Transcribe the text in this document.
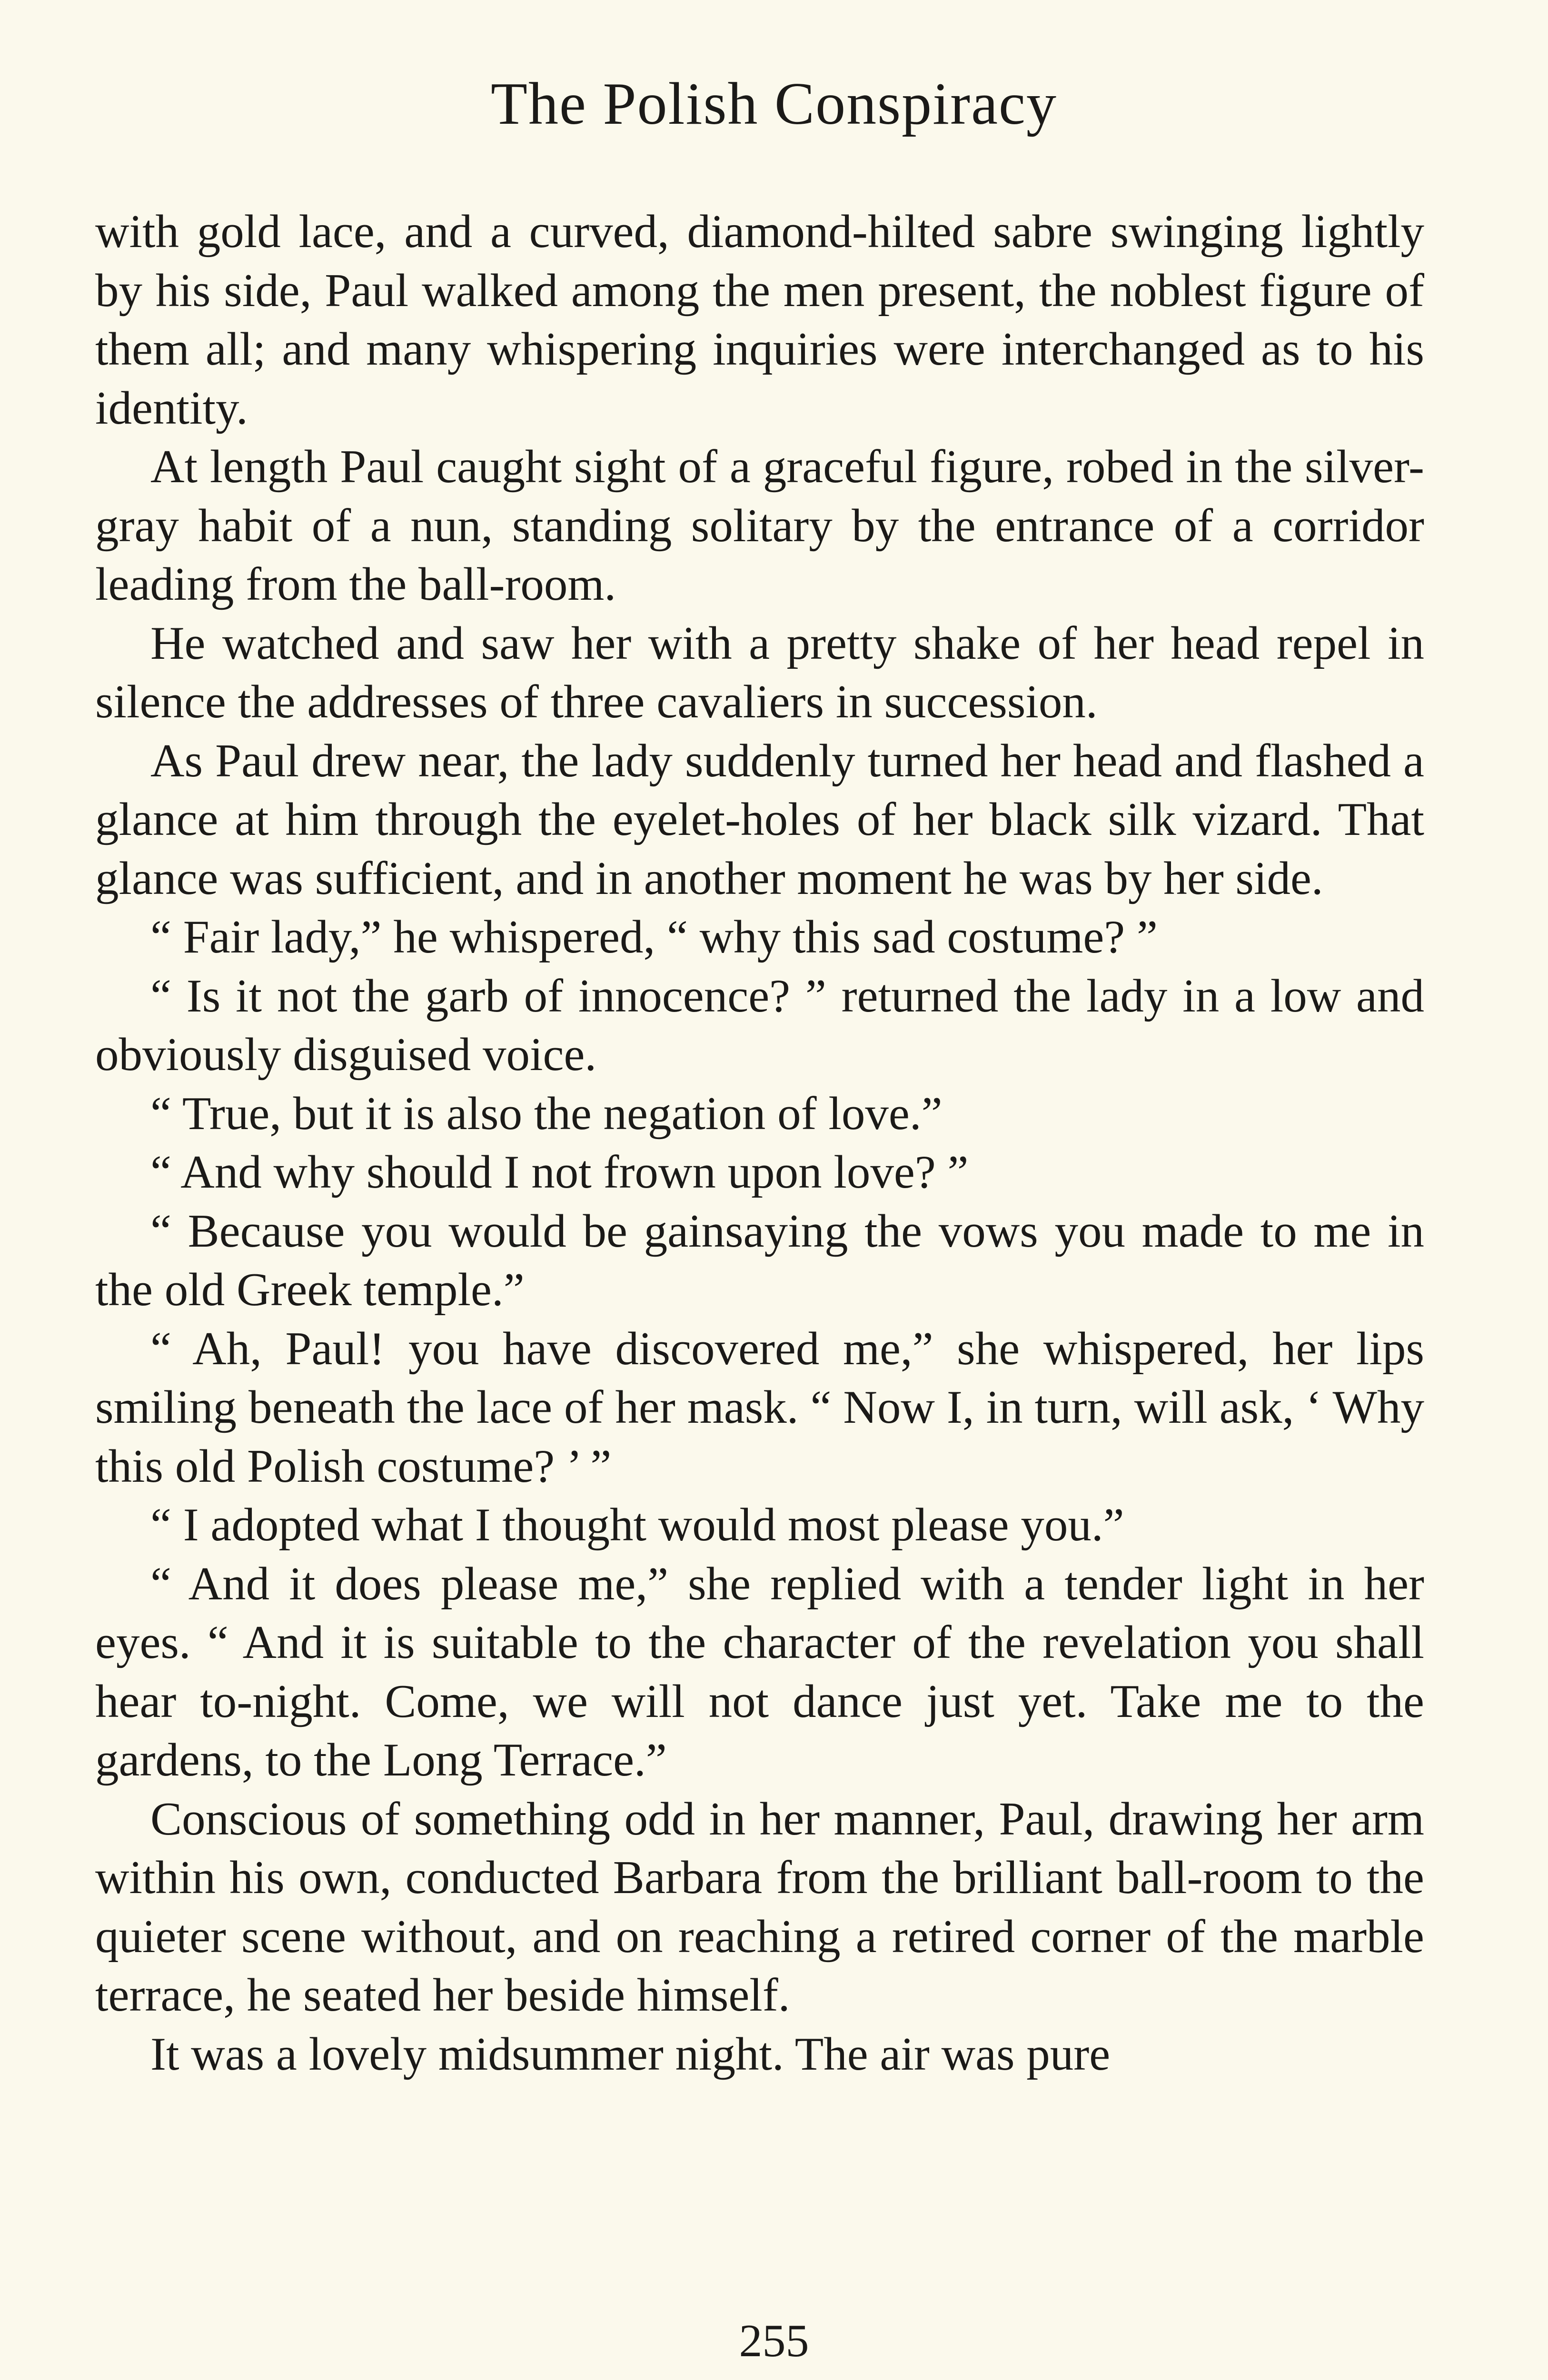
The Polish Conspiracy

with gold lace, and a curved, diamond-hilted sabre swinging lightly by his side, Paul walked among the men present, the noblest figure of them all; and many whispering inquiries were interchanged as to his identity.

At length Paul caught sight of a graceful figure, robed in the silver-gray habit of a nun, standing solitary by the entrance of a corridor leading from the ball-room.

He watched and saw her with a pretty shake of her head repel in silence the addresses of three cavaliers in succession.

As Paul drew near, the lady suddenly turned her head and flashed a glance at him through the eyelet-holes of her black silk vizard. That glance was sufficient, and in another moment he was by her side.

“ Fair lady,” he whispered, “ why this sad costume? ”

“ Is it not the garb of innocence? ” returned the lady in a low and obviously disguised voice.

“ True, but it is also the negation of love.”

“ And why should I not frown upon love? ”

“ Because you would be gainsaying the vows you made to me in the old Greek temple.”

“ Ah, Paul! you have discovered me,” she whispered, her lips smiling beneath the lace of her mask. “ Now I, in turn, will ask, ‘ Why this old Polish costume? ’ ”

“ I adopted what I thought would most please you.”

“ And it does please me,” she replied with a tender light in her eyes. “ And it is suitable to the character of the revelation you shall hear to-night. Come, we will not dance just yet. Take me to the gardens, to the Long Terrace.”

Conscious of something odd in her manner, Paul, drawing her arm within his own, conducted Barbara from the brilliant ball-room to the quieter scene without, and on reaching a retired corner of the marble terrace, he seated her beside himself.

It was a lovely midsummer night. The air was pure

255
